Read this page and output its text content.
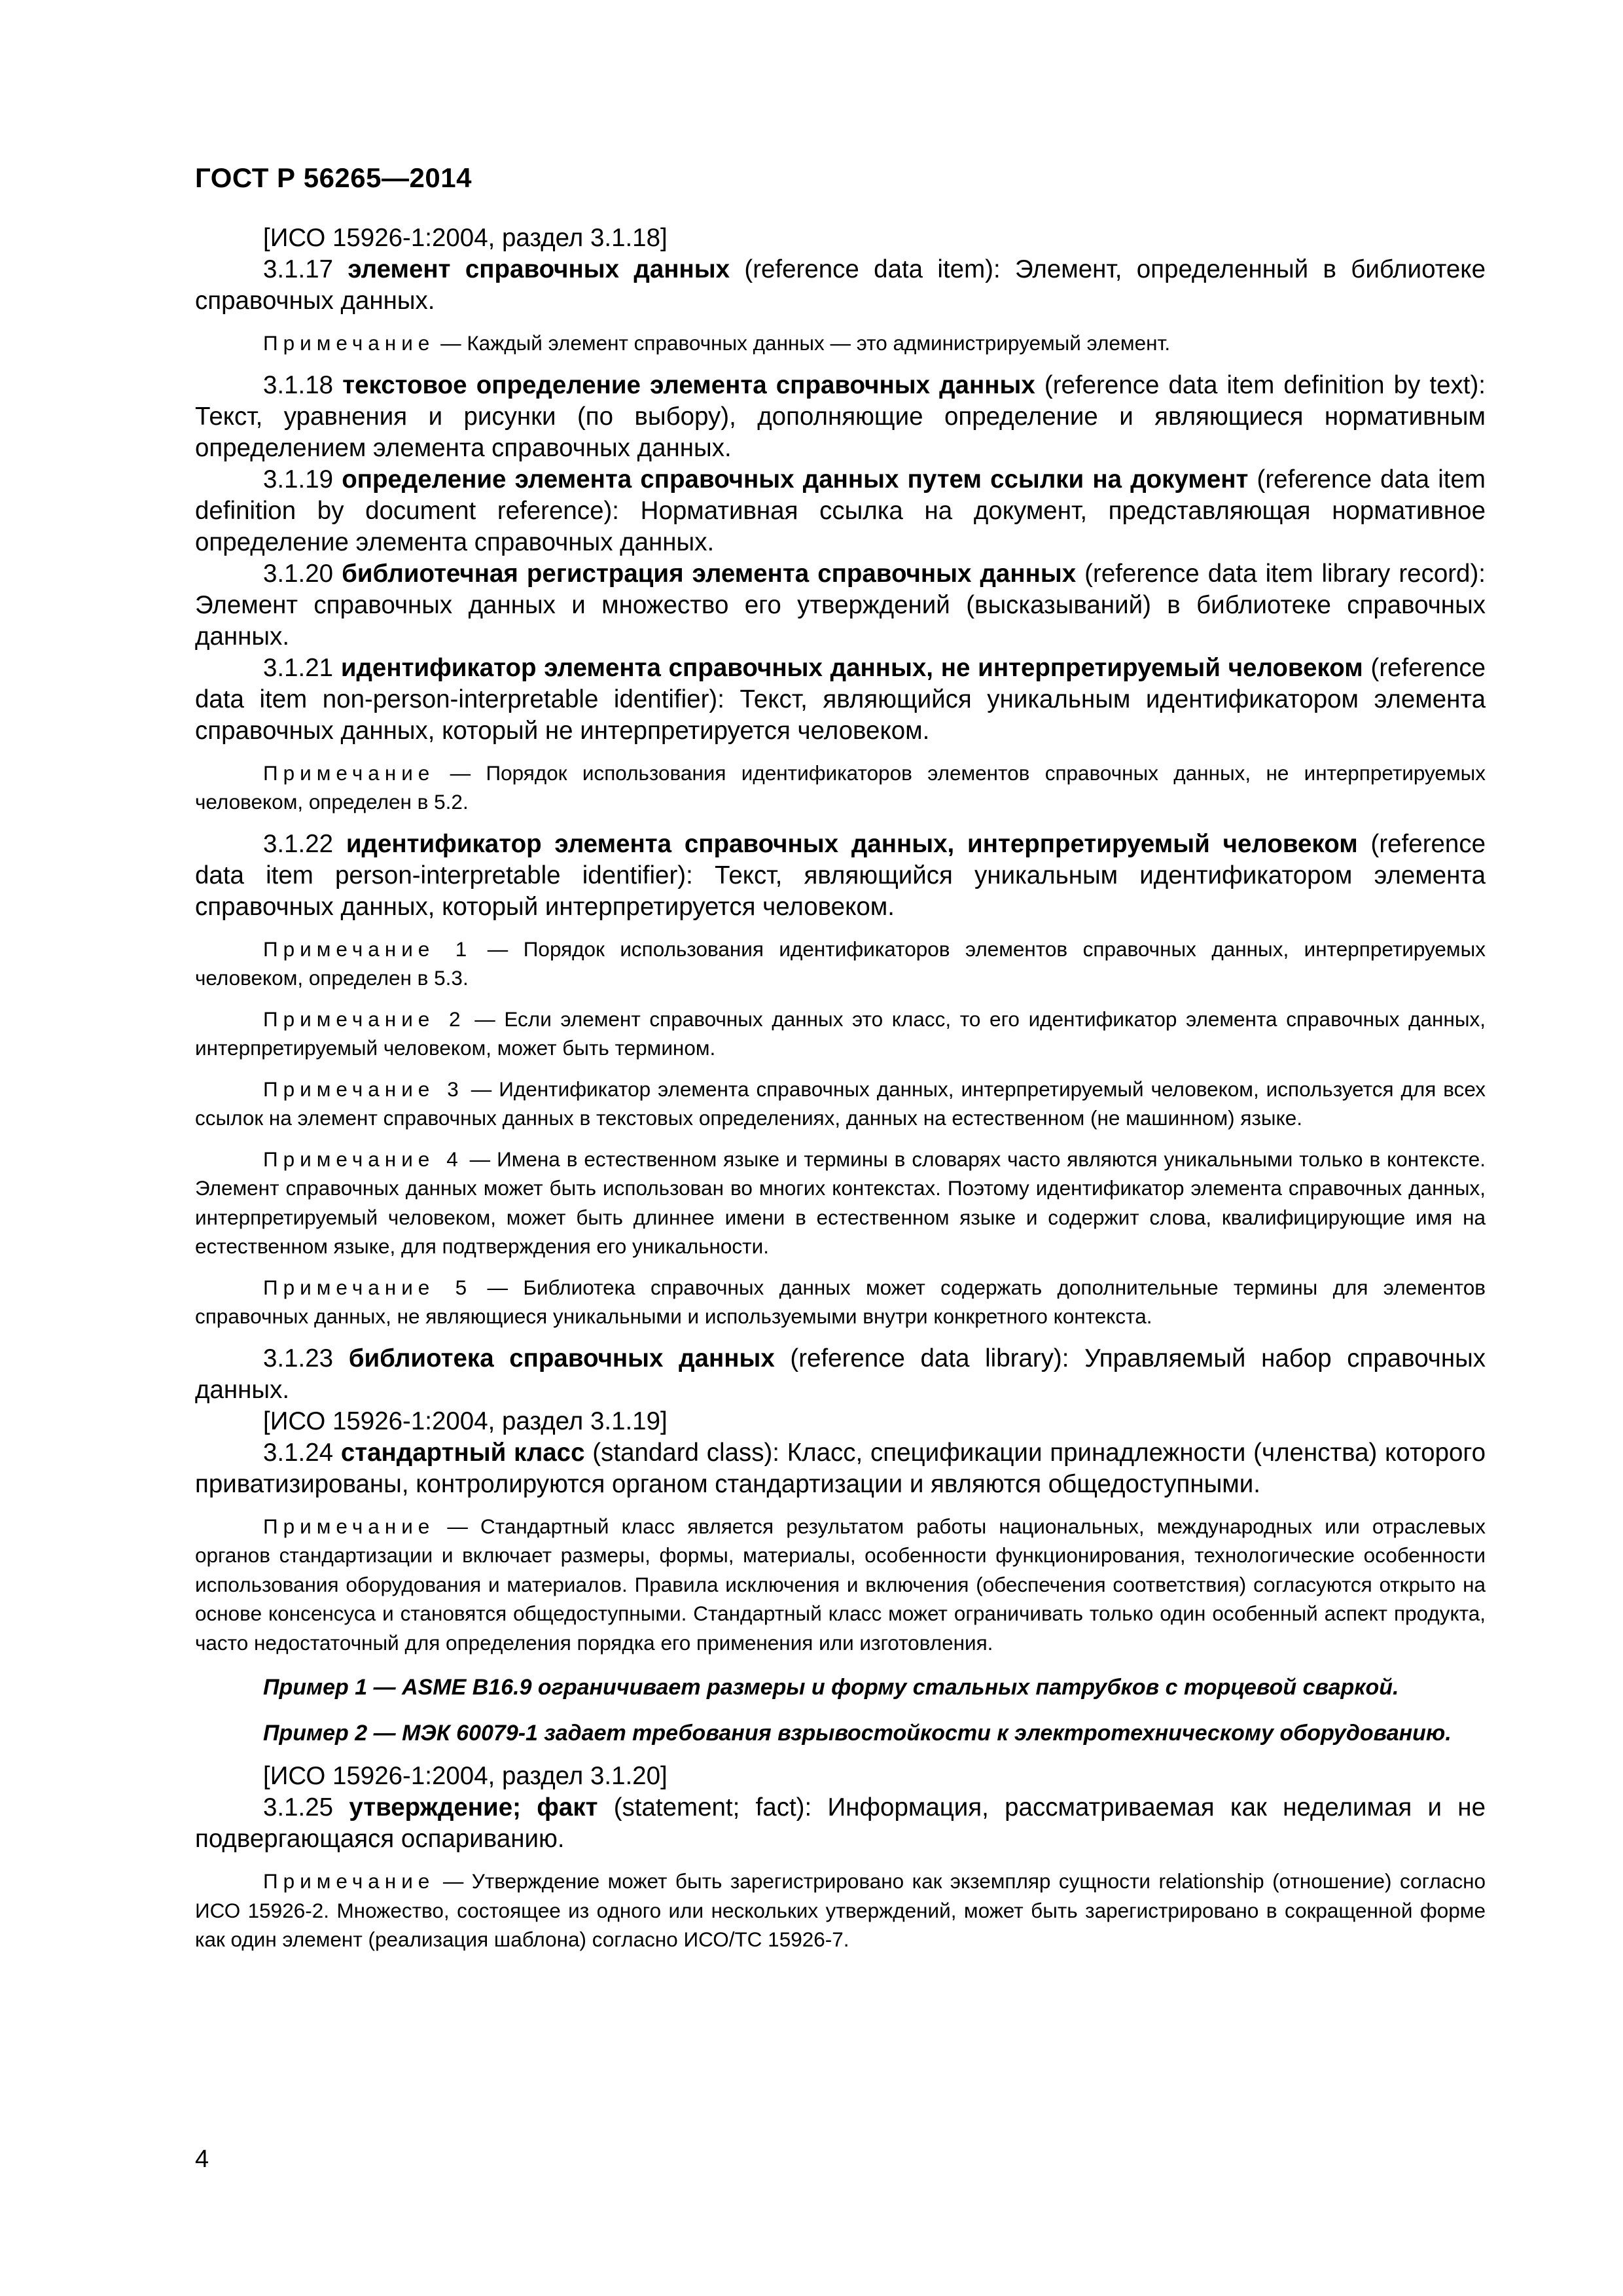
ГОСТ Р 56265—2014

[ИСО 15926-1:2004, раздел 3.1.18]

3.1.17 элемент справочных данных (reference data item): Элемент, определенный в библиотеке справочных данных.

Примечание — Каждый элемент справочных данных — это администрируемый элемент.

3.1.18 текстовое определение элемента справочных данных (reference data item definition by text): Текст, уравнения и рисунки (по выбору), дополняющие определение и являющиеся нормативным определением элемента справочных данных.

3.1.19 определение элемента справочных данных путем ссылки на документ (reference data item definition by document reference): Нормативная ссылка на документ, представляющая нормативное определение элемента справочных данных.

3.1.20 библиотечная регистрация элемента справочных данных (reference data item library record): Элемент справочных данных и множество его утверждений (высказываний) в библиотеке справочных данных.

3.1.21 идентификатор элемента справочных данных, не интерпретируемый человеком (reference data item non-person-interpretable identifier): Текст, являющийся уникальным идентификатором элемента справочных данных, который не интерпретируется человеком.

Примечание — Порядок использования идентификаторов элементов справочных данных, не интерпретируемых человеком, определен в 5.2.

3.1.22 идентификатор элемента справочных данных, интерпретируемый человеком (reference data item person-interpretable identifier): Текст, являющийся уникальным идентификатором элемента справочных данных, который интерпретируется человеком.

Примечание 1 — Порядок использования идентификаторов элементов справочных данных, интерпретируемых человеком, определен в 5.3.

Примечание 2 — Если элемент справочных данных это класс, то его идентификатор элемента справочных данных, интерпретируемый человеком, может быть термином.

Примечание 3 — Идентификатор элемента справочных данных, интерпретируемый человеком, используется для всех ссылок на элемент справочных данных в текстовых определениях, данных на естественном (не машинном) языке.

Примечание 4 — Имена в естественном языке и термины в словарях часто являются уникальными только в контексте. Элемент справочных данных может быть использован во многих контекстах. Поэтому идентификатор элемента справочных данных, интерпретируемый человеком, может быть длиннее имени в естественном языке и содержит слова, квалифицирующие имя на естественном языке, для подтверждения его уникальности.

Примечание 5 — Библиотека справочных данных может содержать дополнительные термины для элементов справочных данных, не являющиеся уникальными и используемыми внутри конкретного контекста.

3.1.23 библиотека справочных данных (reference data library): Управляемый набор справочных данных.

[ИСО 15926-1:2004, раздел 3.1.19]

3.1.24 стандартный класс (standard class): Класс, спецификации принадлежности (членства) которого приватизированы, контролируются органом стандартизации и являются общедоступными.

Примечание — Стандартный класс является результатом работы национальных, международных или отраслевых органов стандартизации и включает размеры, формы, материалы, особенности функционирования, технологические особенности использования оборудования и материалов. Правила исключения и включения (обеспечения соответствия) согласуются открыто на основе консенсуса и становятся общедоступными. Стандартный класс может ограничивать только один особенный аспект продукта, часто недостаточный для определения порядка его применения или изготовления.

Пример 1 — ASME B16.9 ограничивает размеры и форму стальных патрубков с торцевой сваркой.

Пример 2 — МЭК 60079-1 задает требования взрывостойкости к электротехническому оборудованию.

[ИСО 15926-1:2004, раздел 3.1.20]

3.1.25 утверждение; факт (statement; fact): Информация, рассматриваемая как неделимая и не подвергающаяся оспариванию.

Примечание — Утверждение может быть зарегистрировано как экземпляр сущности relationship (отношение) согласно ИСО 15926-2. Множество, состоящее из одного или нескольких утверждений, может быть зарегистрировано в сокращенной форме как один элемент (реализация шаблона) согласно ИСО/ТС 15926-7.

4
